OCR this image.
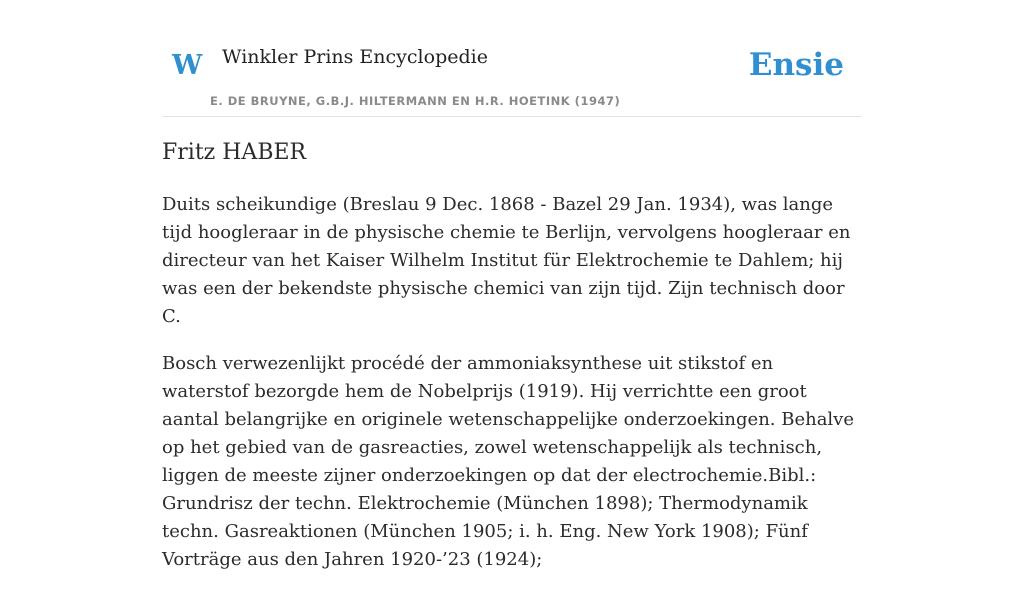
W Winkler Prins Encyclopedie
E. DE BRUYNE, G.B.J. HILTERMANN EN H.R. HOETINK (1947)
Ensie
Fritz HABER

Duits scheikundige (Breslau 9 Dec. 1868 - Bazel 29 Jan. 1934), was lange tijd hoogleraar in de physische chemie te Berlijn, vervolgens hoogleraar en directeur van het Kaiser Wilhelm Institut für Elektrochemie te Dahlem; hij was een der bekendste physische chemici van zijn tijd. Zijn technisch door C.

Bosch verwezenlijkt procédé der ammoniaksynthese uit stikstof en waterstof bezorgde hem de Nobelprijs (1919). Hij verrichtte een groot aantal belangrijke en originele wetenschappelijke onderzoekingen. Behalve op het gebied van de gasreacties, zowel wetenschappelijk als technisch, liggen de meeste zijner onderzoekingen op dat der electrochemie.Bibl.: Grundrisz der techn. Elektrochemie (München 1898); Thermodynamik techn. Gasreaktionen (München 1905; i. h. Eng. New York 1908); Fünf Vorträge aus den Jahren 1920-’23 (1924);
